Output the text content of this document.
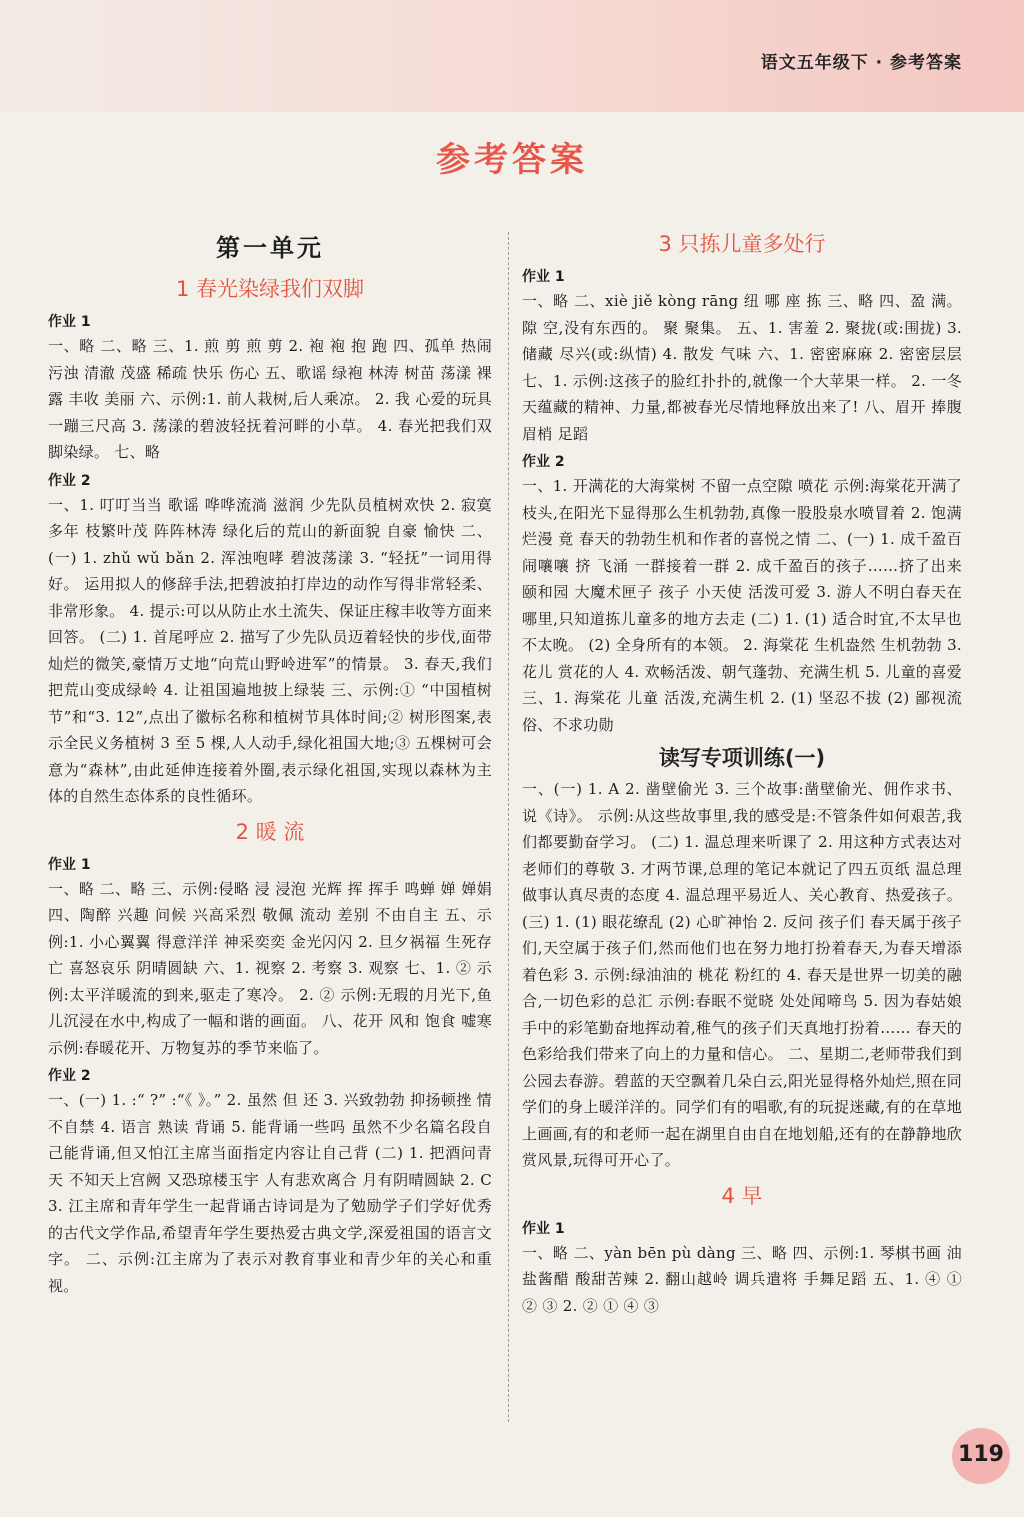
语文五年级下 · 参考答案
参考答案
第一单元
1 春光染绿我们双脚
作业 1
一、略 二、略 三、1. 煎 剪 煎 剪 2. 袍 袍 抱 跑 四、孤单 热闹 污浊 清澈 茂盛 稀疏 快乐 伤心 五、歌谣 绿袍 林涛 树苗 荡漾 裸露 丰收 美丽 六、示例:1. 前人栽树,后人乘凉。 2. 我 心爱的玩具一蹦三尺高 3. 荡漾的碧波轻抚着河畔的小草。 4. 春光把我们双脚染绿。 七、略
作业 2
一、1. 叮叮当当 歌谣 哗哗流淌 滋润 少先队员植树欢快 2. 寂寞多年 枝繁叶茂 阵阵林涛 绿化后的荒山的新面貌 自豪 愉快 二、(一) 1. zhǔ wǔ bǎn 2. 浑浊咆哮 碧波荡漾 3. “轻抚”一词用得好。 运用拟人的修辞手法,把碧波拍打岸边的动作写得非常轻柔、非常形象。 4. 提示:可以从防止水土流失、保证庄稼丰收等方面来回答。 (二) 1. 首尾呼应 2. 描写了少先队员迈着轻快的步伐,面带灿烂的微笑,豪情万丈地“向荒山野岭进军”的情景。 3. 春天,我们把荒山变成绿岭 4. 让祖国遍地披上绿装 三、示例:① “中国植树节”和“3. 12”,点出了徽标名称和植树节具体时间;② 树形图案,表示全民义务植树 3 至 5 棵,人人动手,绿化祖国大地;③ 五棵树可会意为“森林”,由此延伸连接着外圈,表示绿化祖国,实现以森林为主体的自然生态体系的良性循环。
2 暖 流
作业 1
一、略 二、略 三、示例:侵略 浸 浸泡 光辉 挥 挥手 鸣蝉 婵 婵娟 四、陶醉 兴趣 问候 兴高采烈 敬佩 流动 差别 不由自主 五、示例:1. 小心翼翼 得意洋洋 神采奕奕 金光闪闪 2. 旦夕祸福 生死存亡 喜怒哀乐 阴晴圆缺 六、1. 视察 2. 考察 3. 观察 七、1. ② 示例:太平洋暖流的到来,驱走了寒冷。 2. ② 示例:无瑕的月光下,鱼儿沉浸在水中,构成了一幅和谐的画面。 八、花开 风和 饱食 嘘寒 示例:春暖花开、万物复苏的季节来临了。
作业 2
一、(一) 1. :“ ?” :“《 》。” 2. 虽然 但 还 3. 兴致勃勃 抑扬顿挫 情不自禁 4. 语言 熟读 背诵 5. 能背诵一些吗 虽然不少名篇名段自己能背诵,但又怕江主席当面指定内容让自己背 (二) 1. 把酒问青天 不知天上宫阙 又恐琼楼玉宇 人有悲欢离合 月有阴晴圆缺 2. C 3. 江主席和青年学生一起背诵古诗词是为了勉励学子们学好优秀的古代文学作品,希望青年学生要热爱古典文学,深爱祖国的语言文字。 二、示例:江主席为了表示对教育事业和青少年的关心和重视。
3 只拣儿童多处行
作业 1
一、略 二、xiè jiě kòng rāng 纽 哪 座 拣 三、略 四、盈 满。 隙 空,没有东西的。 聚 聚集。 五、1. 害羞 2. 聚拢(或:围拢) 3. 储藏 尽兴(或:纵情) 4. 散发 气味 六、1. 密密麻麻 2. 密密层层 七、1. 示例:这孩子的脸红扑扑的,就像一个大苹果一样。 2. 一冬天蕴藏的精神、力量,都被春光尽情地释放出来了! 八、眉开 捧腹 眉梢 足蹈
作业 2
一、1. 开满花的大海棠树 不留一点空隙 喷花 示例:海棠花开满了枝头,在阳光下显得那么生机勃勃,真像一股股泉水喷冒着 2. 饱满 烂漫 竟 春天的勃勃生机和作者的喜悦之情 二、(一) 1. 成千盈百 闹嚷嚷 挤 飞涌 一群接着一群 2. 成千盈百的孩子……挤了出来 颐和园 大魔术匣子 孩子 小天使 活泼可爱 3. 游人不明白春天在哪里,只知道拣儿童多的地方去走 (二) 1. (1) 适合时宜,不太早也不太晚。 (2) 全身所有的本领。 2. 海棠花 生机盎然 生机勃勃 3. 花儿 赏花的人 4. 欢畅活泼、朝气蓬勃、充满生机 5. 儿童的喜爱 三、1. 海棠花 儿童 活泼,充满生机 2. (1) 坚忍不拔 (2) 鄙视流俗、不求功勋
读写专项训练(一)
一、(一) 1. A 2. 凿壁偷光 3. 三个故事:凿壁偷光、佣作求书、说《诗》。 示例:从这些故事里,我的感受是:不管条件如何艰苦,我们都要勤奋学习。 (二) 1. 温总理来听课了 2. 用这种方式表达对老师们的尊敬 3. 才两节课,总理的笔记本就记了四五页纸 温总理做事认真尽责的态度 4. 温总理平易近人、关心教育、热爱孩子。 (三) 1. (1) 眼花缭乱 (2) 心旷神怡 2. 反问 孩子们 春天属于孩子们,天空属于孩子们,然而他们也在努力地打扮着春天,为春天增添着色彩 3. 示例:绿油油的 桃花 粉红的 4. 春天是世界一切美的融合,一切色彩的总汇 示例:春眠不觉晓 处处闻啼鸟 5. 因为春姑娘手中的彩笔勤奋地挥动着,稚气的孩子们天真地打扮着…… 春天的色彩给我们带来了向上的力量和信心。 二、星期二,老师带我们到公园去春游。碧蓝的天空飘着几朵白云,阳光显得格外灿烂,照在同学们的身上暖洋洋的。同学们有的唱歌,有的玩捉迷藏,有的在草地上画画,有的和老师一起在湖里自由自在地划船,还有的在静静地欣赏风景,玩得可开心了。
4 早
作业 1
一、略 二、yàn bēn pù dàng 三、略 四、示例:1. 琴棋书画 油盐酱醋 酸甜苦辣 2. 翻山越岭 调兵遣将 手舞足蹈 五、1. ④ ① ② ③ 2. ② ① ④ ③
119
